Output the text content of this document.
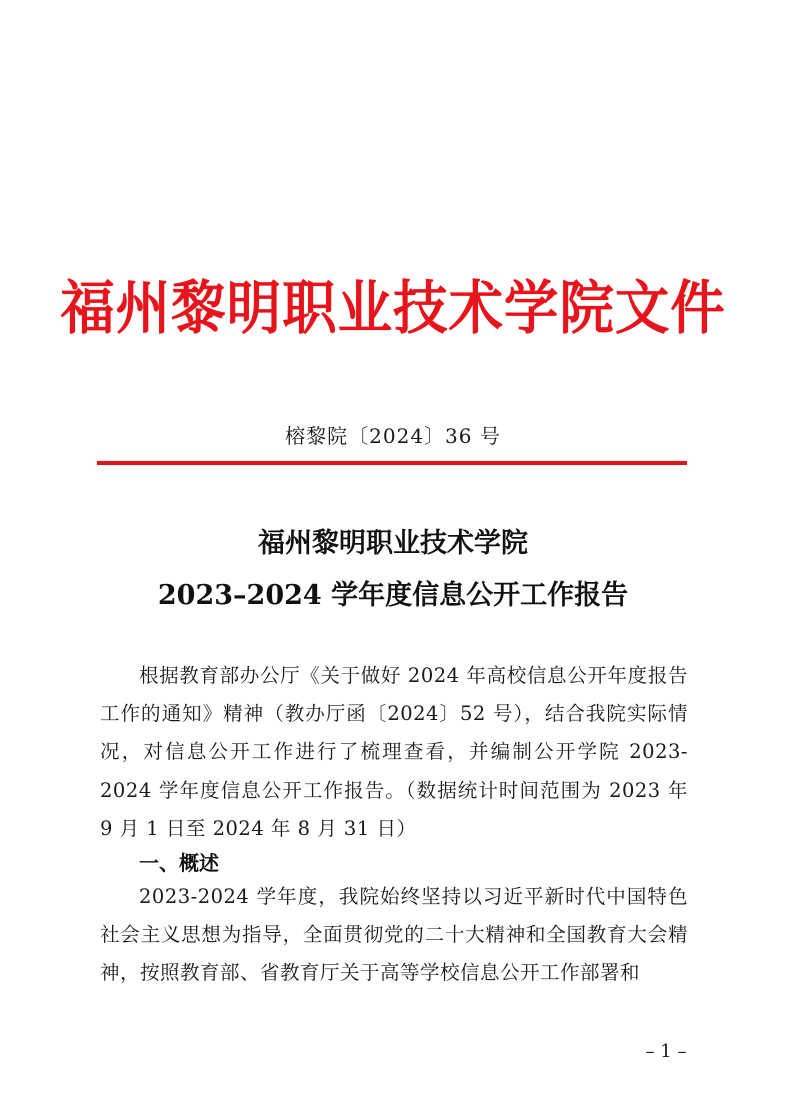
福州黎明职业技术学院文件
榕黎院〔2024〕36 号
福州黎明职业技术学院
2023–2024 学年度信息公开工作报告

根据教育部办公厅《关于做好 2024 年高校信息公开年度报告工作的通知》精神（教办厅函〔2024〕52 号），结合我院实际情况，对信息公开工作进行了梳理查看，并编制公开学院 2023-2024 学年度信息公开工作报告。（数据统计时间范围为 2023 年 9 月 1 日至 2024 年 8 月 31 日）

一、概述

2023-2024 学年度，我院始终坚持以习近平新时代中国特色社会主义思想为指导，全面贯彻党的二十大精神和全国教育大会精神，按照教育部、省教育厅关于高等学校信息公开工作部署和

– 1 –
